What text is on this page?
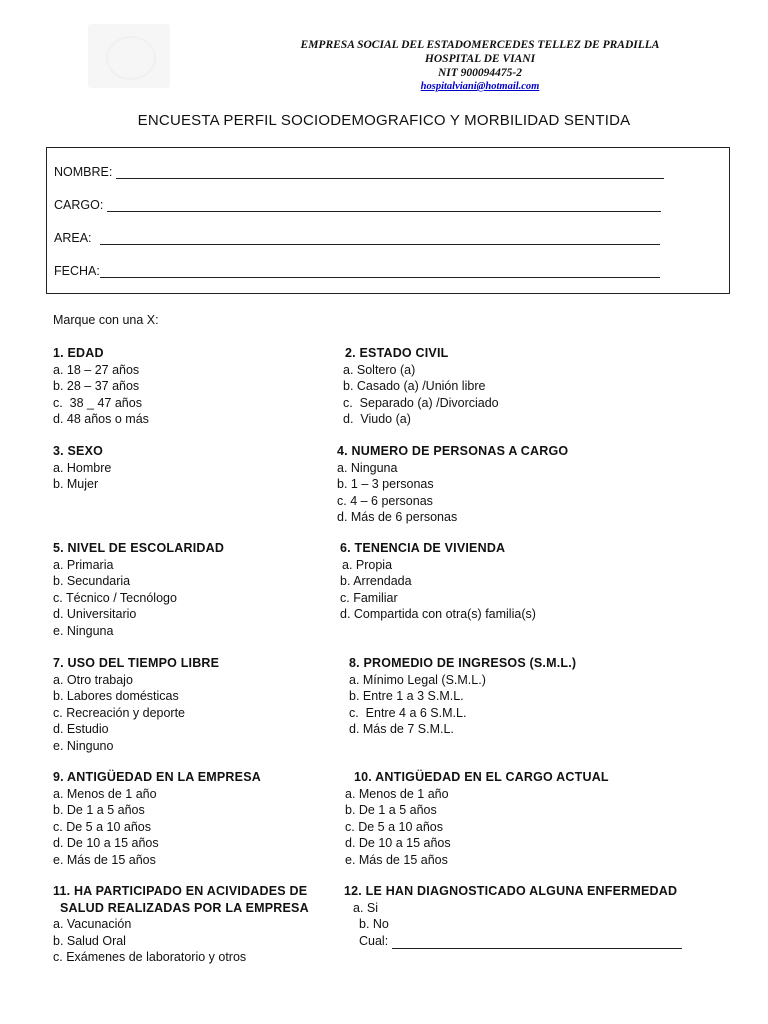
EMPRESA SOCIAL DEL ESTADOMERCEDES TELLEZ DE PRADILLA
HOSPITAL DE VIANI
NIT 900094475-2
hospitalviani@hotmail.com
ENCUESTA PERFIL SOCIODEMOGRAFICO Y MORBILIDAD SENTIDA
NOMBRE:
CARGO:
AREA:
FECHA:
Marque con una X:
1. EDAD
a. 18 – 27 años
b. 28 – 37 años
c.  38 _ 47 años
d. 48 años o más
2. ESTADO CIVIL
a. Soltero (a)
b. Casado (a) /Unión libre
c.  Separado (a) /Divorciado
d.  Viudo (a)
3. SEXO
a. Hombre
b. Mujer
4. NUMERO DE PERSONAS A CARGO
a. Ninguna
b. 1 – 3 personas
c. 4 – 6 personas
d. Más de 6 personas
5. NIVEL DE ESCOLARIDAD
a. Primaria
b. Secundaria
c. Técnico / Tecnólogo
d. Universitario
e. Ninguna
6. TENENCIA DE VIVIENDA
a. Propia
b. Arrendada
c. Familiar
d. Compartida con otra(s) familia(s)
7. USO DEL TIEMPO LIBRE
a. Otro trabajo
b. Labores domésticas
c. Recreación y deporte
d. Estudio
e. Ninguno
8. PROMEDIO DE INGRESOS (S.M.L.)
a. Mínimo Legal (S.M.L.)
b. Entre 1 a 3 S.M.L.
c.  Entre 4 a 6 S.M.L.
d. Más de 7 S.M.L.
9. ANTIGÜEDAD EN LA EMPRESA
a. Menos de 1 año
b. De 1 a 5 años
c. De 5 a 10 años
d. De 10 a 15 años
e. Más de 15 años
10. ANTIGÜEDAD EN EL CARGO ACTUAL
a. Menos de 1 año
b. De 1 a 5 años
c. De 5 a 10 años
d. De 10 a 15 años
e. Más de 15 años
11. HA PARTICIPADO EN ACIVIDADES DE
SALUD REALIZADAS POR LA EMPRESA
a. Vacunación
b. Salud Oral
c. Exámenes de laboratorio y otros
12. LE HAN DIAGNOSTICADO ALGUNA ENFERMEDAD
a. Si
b. No
Cual:
